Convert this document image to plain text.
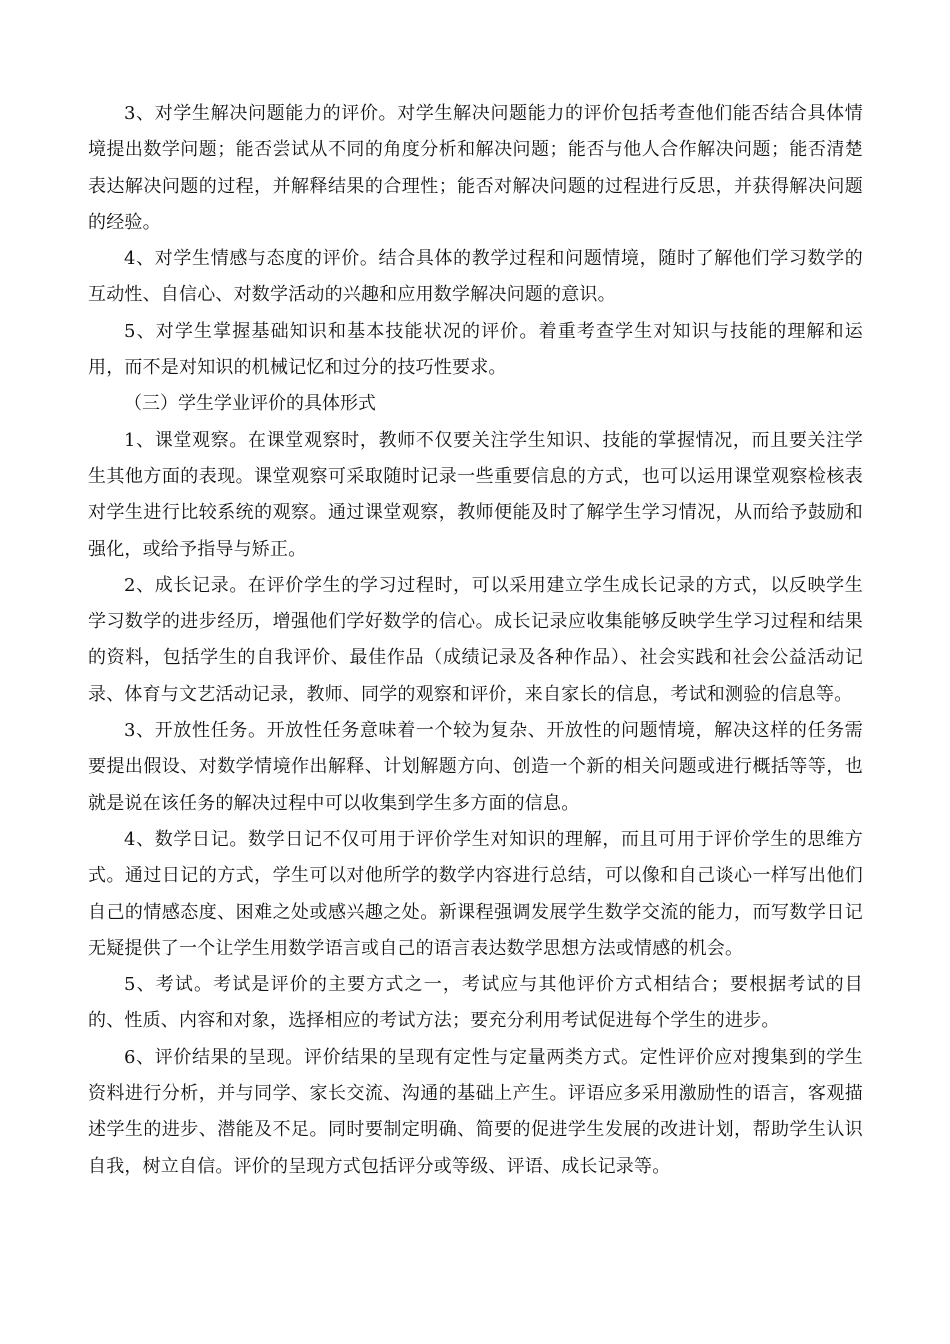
3、对学生解决问题能力的评价。对学生解决问题能力的评价包括考查他们能否结合具体情境提出数学问题；能否尝试从不同的角度分析和解决问题；能否与他人合作解决问题；能否清楚表达解决问题的过程，并解释结果的合理性；能否对解决问题的过程进行反思，并获得解决问题的经验。

4、对学生情感与态度的评价。结合具体的教学过程和问题情境，随时了解他们学习数学的互动性、自信心、对数学活动的兴趣和应用数学解决问题的意识。

5、对学生掌握基础知识和基本技能状况的评价。着重考查学生对知识与技能的理解和运用，而不是对知识的机械记忆和过分的技巧性要求。

（三）学生学业评价的具体形式

1、课堂观察。在课堂观察时，教师不仅要关注学生知识、技能的掌握情况，而且要关注学生其他方面的表现。课堂观察可采取随时记录一些重要信息的方式，也可以运用课堂观察检核表对学生进行比较系统的观察。通过课堂观察，教师便能及时了解学生学习情况，从而给予鼓励和强化，或给予指导与矫正。

2、成长记录。在评价学生的学习过程时，可以采用建立学生成长记录的方式，以反映学生学习数学的进步经历，增强他们学好数学的信心。成长记录应收集能够反映学生学习过程和结果的资料，包括学生的自我评价、最佳作品（成绩记录及各种作品）、社会实践和社会公益活动记录、体育与文艺活动记录，教师、同学的观察和评价，来自家长的信息，考试和测验的信息等。

3、开放性任务。开放性任务意味着一个较为复杂、开放性的问题情境，解决这样的任务需要提出假设、对数学情境作出解释、计划解题方向、创造一个新的相关问题或进行概括等等，也就是说在该任务的解决过程中可以收集到学生多方面的信息。

4、数学日记。数学日记不仅可用于评价学生对知识的理解，而且可用于评价学生的思维方式。通过日记的方式，学生可以对他所学的数学内容进行总结，可以像和自己谈心一样写出他们自己的情感态度、困难之处或感兴趣之处。新课程强调发展学生数学交流的能力，而写数学日记无疑提供了一个让学生用数学语言或自己的语言表达数学思想方法或情感的机会。

5、考试。考试是评价的主要方式之一，考试应与其他评价方式相结合；要根据考试的目的、性质、内容和对象，选择相应的考试方法；要充分利用考试促进每个学生的进步。

6、评价结果的呈现。评价结果的呈现有定性与定量两类方式。定性评价应对搜集到的学生资料进行分析，并与同学、家长交流、沟通的基础上产生。评语应多采用激励性的语言，客观描述学生的进步、潜能及不足。同时要制定明确、简要的促进学生发展的改进计划，帮助学生认识自我，树立自信。评价的呈现方式包括评分或等级、评语、成长记录等。
